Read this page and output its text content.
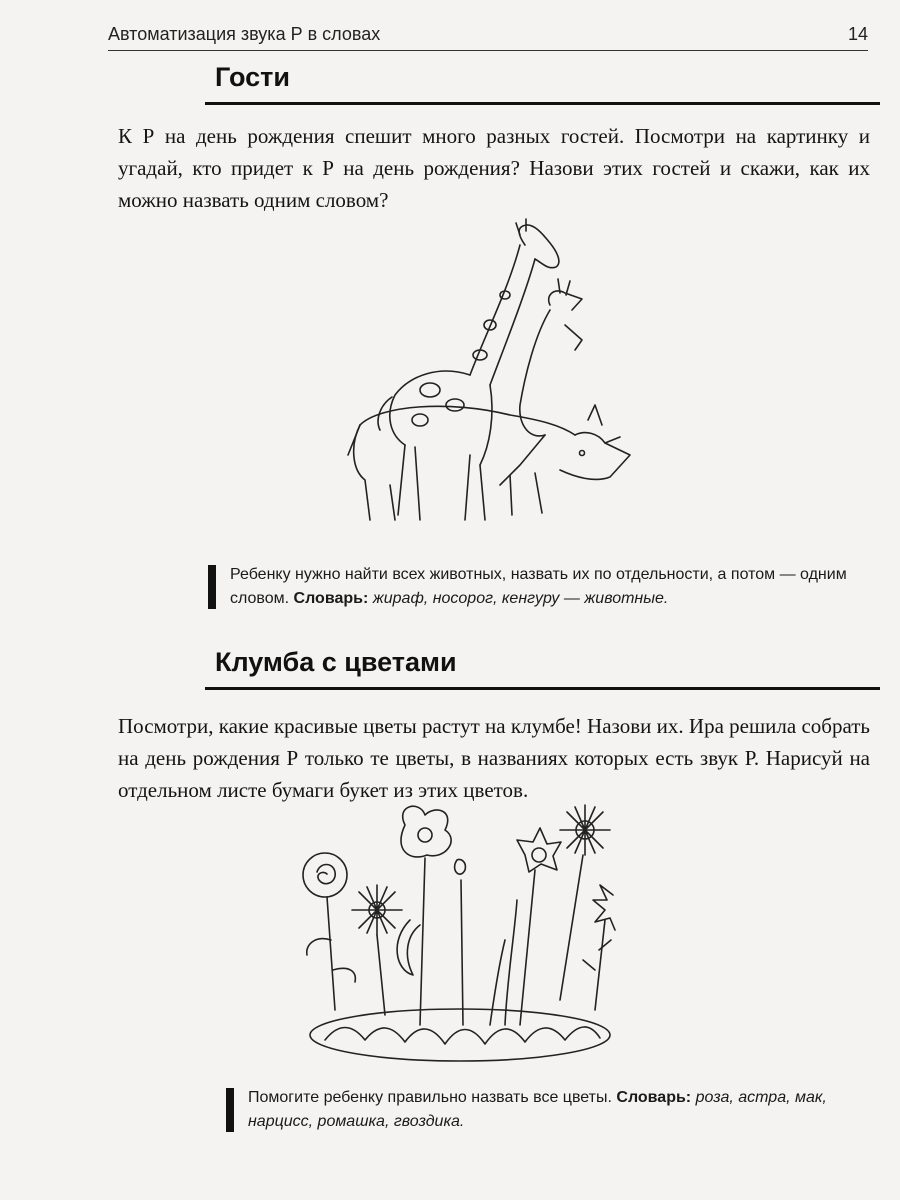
Автоматизация звука Р в словах	14
Гости

К Р на день рождения спешит много разных гостей. Посмотри на картинку и угадай, кто придет к Р на день рождения? Назови этих гостей и скажи, как их можно назвать одним словом?

Ребенку нужно найти всех животных, назвать их по отдельности, а потом — одним словом. Словарь: жираф, носорог, кенгуру — животные.
Клумба с цветами

Посмотри, какие красивые цветы растут на клумбе! Назови их. Ира решила собрать на день рождения Р только те цветы, в названиях которых есть звук Р. Нарисуй на отдельном листе бумаги букет из этих цветов.

Помогите ребенку правильно назвать все цветы. Словарь: роза, астра, мак, нарцисс, ромашка, гвоздика.
